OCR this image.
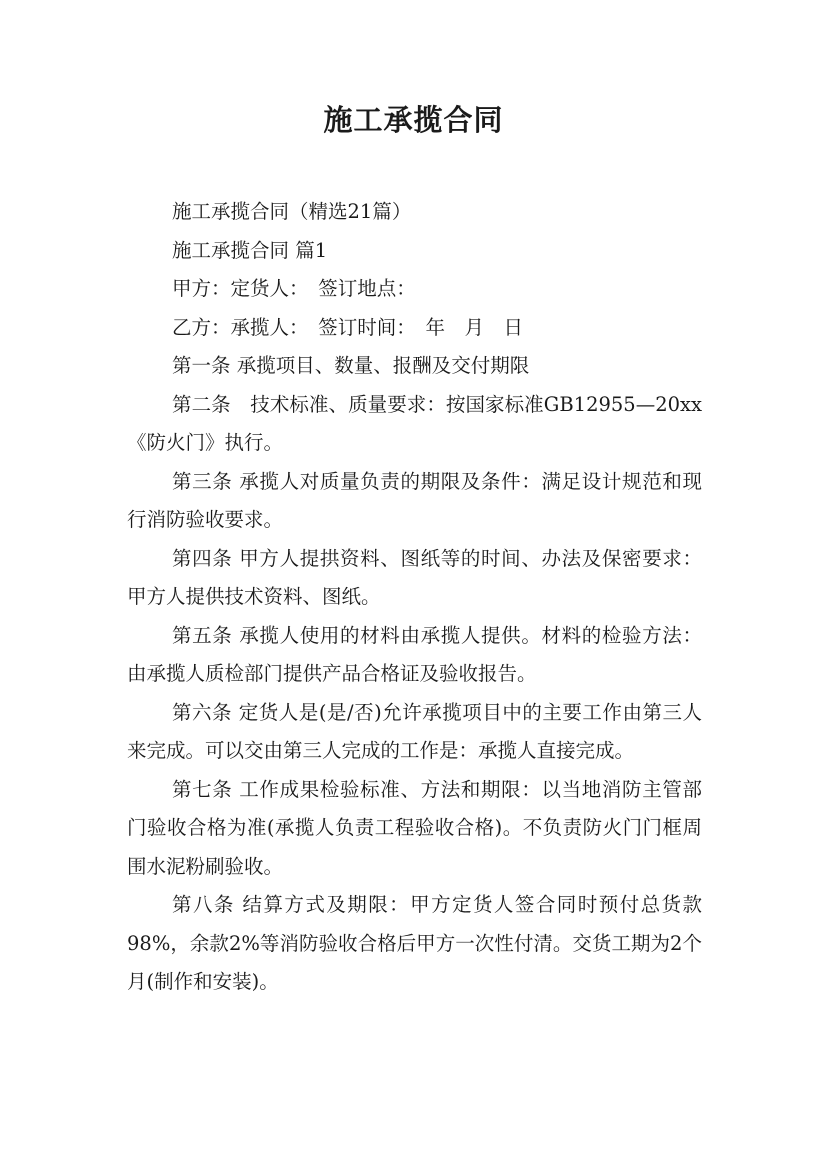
施工承揽合同

施工承揽合同（精选21篇）

施工承揽合同 篇1

甲方：定货人：　签订地点：

乙方：承揽人：　签订时间：　年　月　日

第一条 承揽项目、数量、报酬及交付期限

第二条　技术标准、质量要求：按国家标准GB12955—20xx《防火门》执行。

第三条 承揽人对质量负责的期限及条件：满足设计规范和现行消防验收要求。

第四条 甲方人提拱资料、图纸等的时间、办法及保密要求：甲方人提供技术资料、图纸。

第五条 承揽人使用的材料由承揽人提供。材料的检验方法：由承揽人质检部门提供产品合格证及验收报告。

第六条 定货人是(是/否)允许承揽项目中的主要工作由第三人来完成。可以交由第三人完成的工作是：承揽人直接完成。

第七条 工作成果检验标准、方法和期限：以当地消防主管部门验收合格为准(承揽人负责工程验收合格)。不负责防火门门框周围水泥粉刷验收。

第八条 结算方式及期限：甲方定货人签合同时预付总货款98%，余款2%等消防验收合格后甲方一次性付清。交货工期为2个月(制作和安装)。
